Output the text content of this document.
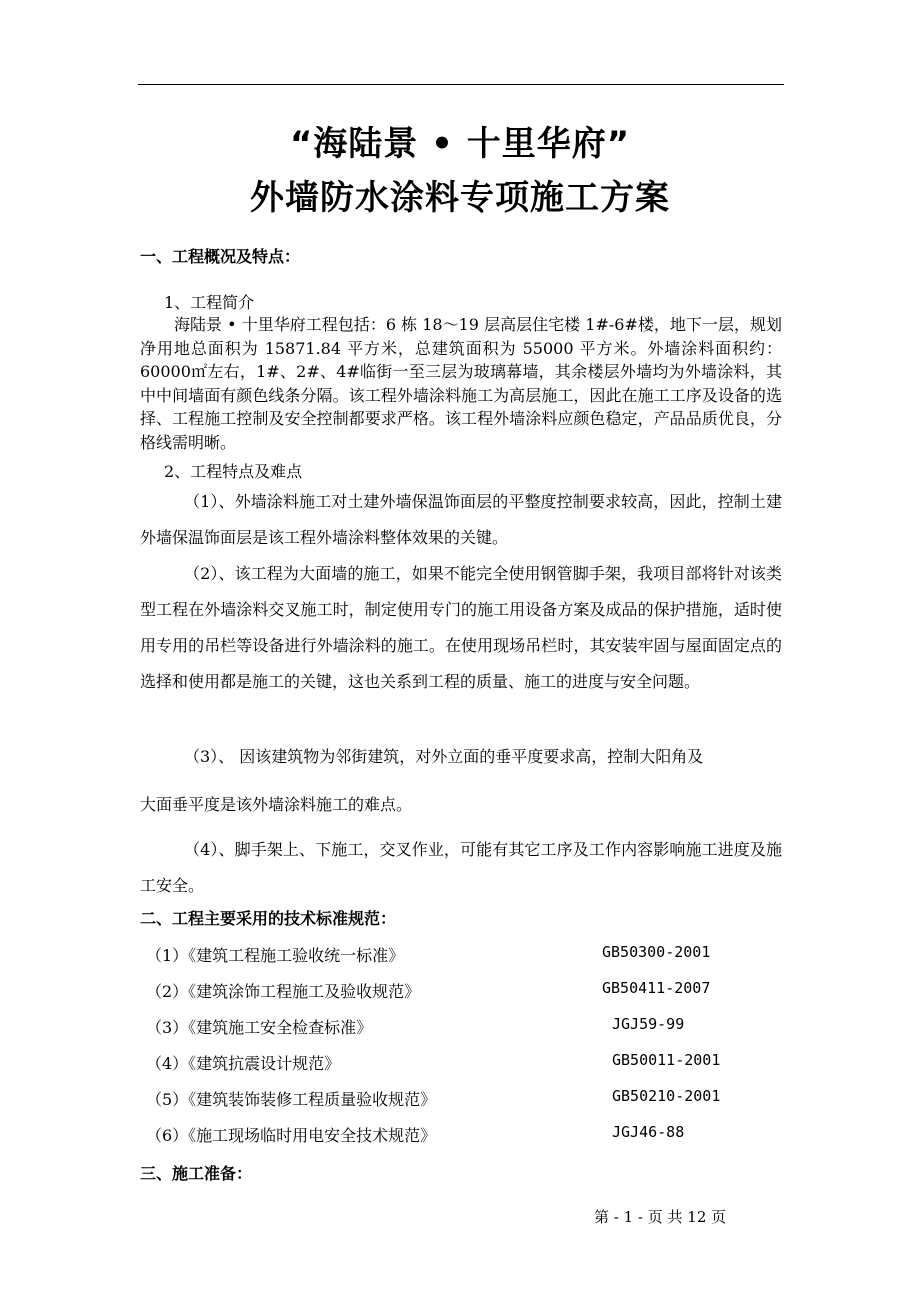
“海陆景 • 十里华府”
外墙防水涂料专项施工方案
一、工程概况及特点：
1、工程简介
海陆景 • 十里华府工程包括：6 栋 18～19 层高层住宅楼 1#-6#楼，地下一层，规划净用地总面积为 15871.84 平方米，总建筑面积为 55000 平方米。外墙涂料面积约：60000㎡左右，1#、2#、4#临街一至三层为玻璃幕墙，其余楼层外墙均为外墙涂料，其中中间墙面有颜色线条分隔。该工程外墙涂料施工为高层施工，因此在施工工序及设备的选择、工程施工控制及安全控制都要求严格。该工程外墙涂料应颜色稳定，产品品质优良，分格线需明晰。
2、工程特点及难点
（1）、外墙涂料施工对土建外墙保温饰面层的平整度控制要求较高，因此，控制土建外墙保温饰面层是该工程外墙涂料整体效果的关键。
（2）、该工程为大面墙的施工，如果不能完全使用钢管脚手架，我项目部将针对该类型工程在外墙涂料交叉施工时，制定使用专门的施工用设备方案及成品的保护措施，适时使用专用的吊栏等设备进行外墙涂料的施工。在使用现场吊栏时，其安装牢固与屋面固定点的选择和使用都是施工的关键，这也关系到工程的质量、施工的进度与安全问题。
（3）、 因该建筑物为邻街建筑，对外立面的垂平度要求高，控制大阳角及
大面垂平度是该外墙涂料施工的难点。
（4）、脚手架上、下施工，交叉作业，可能有其它工序及工作内容影响施工进度及施工安全。
二、工程主要采用的技术标准规范：
（1）《建筑工程施工验收统一标准》	GB50300-2001
（2）《建筑涂饰工程施工及验收规范》	GB50411-2007
（3）《建筑施工安全检查标准》	JGJ59-99
（4）《建筑抗震设计规范》	GB50011-2001
（5）《建筑装饰装修工程质量验收规范》	GB50210-2001
（6）《施工现场临时用电安全技术规范》	JGJ46-88
三、施工准备：
第 - 1 - 页 共 12 页
